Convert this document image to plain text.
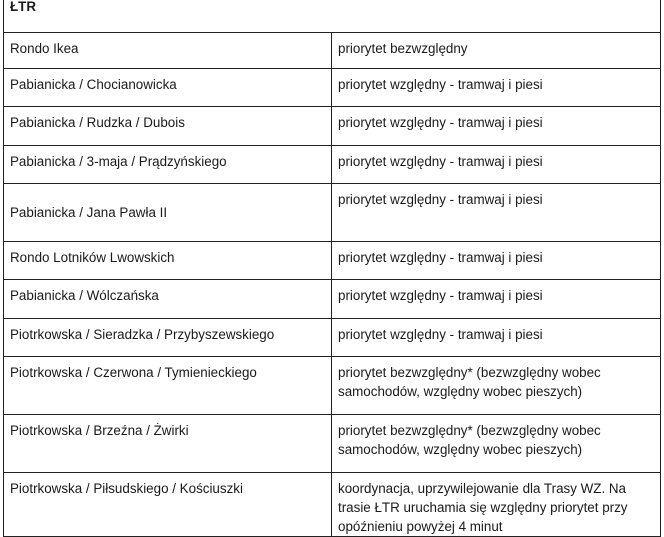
ŁTR	
Rondo Ikea	priorytet bezwzględny
Pabianicka / Chocianowicka	priorytet względny - tramwaj i piesi
Pabianicka / Rudzka / Dubois	priorytet względny - tramwaj i piesi
Pabianicka / 3-maja / Prądzyńskiego	priorytet względny - tramwaj i piesi
Pabianicka / Jana Pawła II	priorytet względny - tramwaj i piesi
Rondo Lotników Lwowskich	priorytet względny - tramwaj i piesi
Pabianicka / Wólczańska	priorytet względny - tramwaj i piesi
Piotrkowska / Sieradzka / Przybyszewskiego	priorytet względny - tramwaj i piesi
Piotrkowska / Czerwona / Tymienieckiego	priorytet bezwzględny* (bezwzględny wobec samochodów, względny wobec pieszych)
Piotrkowska / Brzeźna / Żwirki	priorytet bezwzględny* (bezwzględny wobec samochodów, względny wobec pieszych)
Piotrkowska / Piłsudskiego / Kościuszki	koordynacja, uprzywilejowanie dla Trasy WZ. Na trasie ŁTR uruchamia się względny priorytet przy opóźnieniu powyżej 4 minut
